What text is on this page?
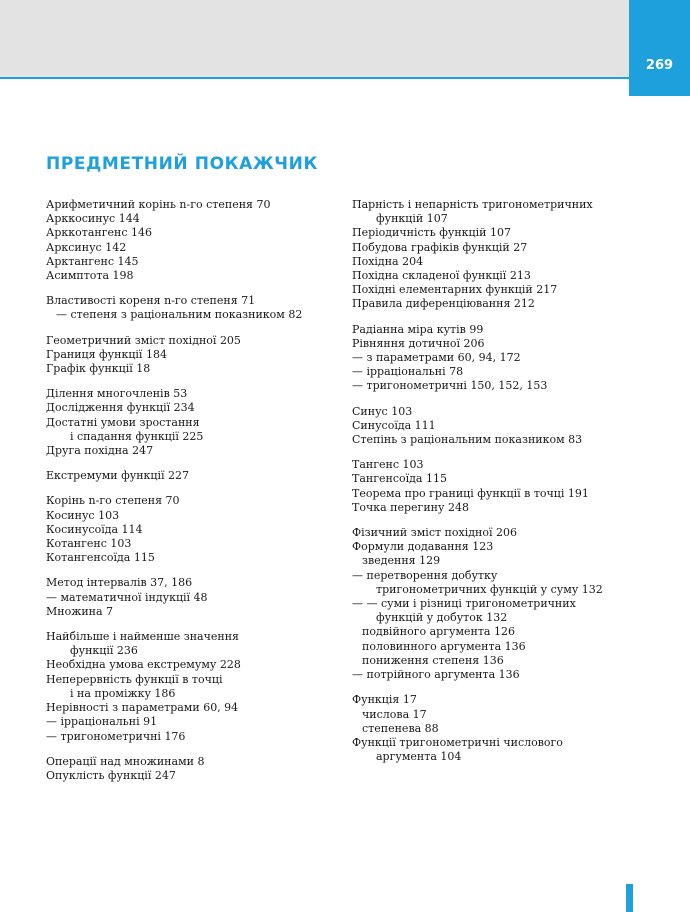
269
ПРЕДМЕТНИЙ ПОКАЖЧИК
Арифметичний корінь n-го степеня 70
Арккосинус 144
Арккотангенс 146
Арксинус 142
Арктангенс 145
Асимптота 198
Властивості кореня n-го степеня 71
— степеня з раціональним показником 82
Геометричний зміст похідної 205
Границя функції 184
Графік функції 18
Ділення многочленів 53
Дослідження функції 234
Достатні умови зростання
і спадання функції 225
Друга похідна 247
Екстремуми функції 227
Корінь n-го степеня 70
Косинус 103
Косинусоїда 114
Котангенс 103
Котангенсоїда 115
Метод інтервалів 37, 186
— математичної індукції 48
Множина 7
Найбільше і найменше значення
функції 236
Необхідна умова екстремуму 228
Неперервність функції в точці
і на проміжку 186
Нерівності з параметрами 60, 94
— ірраціональні 91
— тригонометричні 176
Операції над множинами 8
Опуклість функції 247
Парність і непарність тригонометричних
функцій 107
Періодичність функцій 107
Побудова графіків функцій 27
Похідна 204
Похідна складеної функції 213
Похідні елементарних функцій 217
Правила диференціювання 212
Радіанна міра кутів 99
Рівняння дотичної 206
— з параметрами 60, 94, 172
— ірраціональні 78
— тригонометричні 150, 152, 153
Синус 103
Синусоїда 111
Степінь з раціональним показником 83
Тангенс 103
Тангенсоїда 115
Теорема про границі функції в точці 191
Точка перегину 248
Фізичний зміст похідної 206
Формули додавання 123
зведення 129
— перетворення добутку
тригонометричних функцій у суму 132
— — суми і різниці тригонометричних
функцій у добуток 132
подвійного аргумента 126
половинного аргумента 136
пониження степеня 136
— потрійного аргумента 136
Функція 17
числова 17
степенева 88
Функції тригонометричні числового
аргумента 104
